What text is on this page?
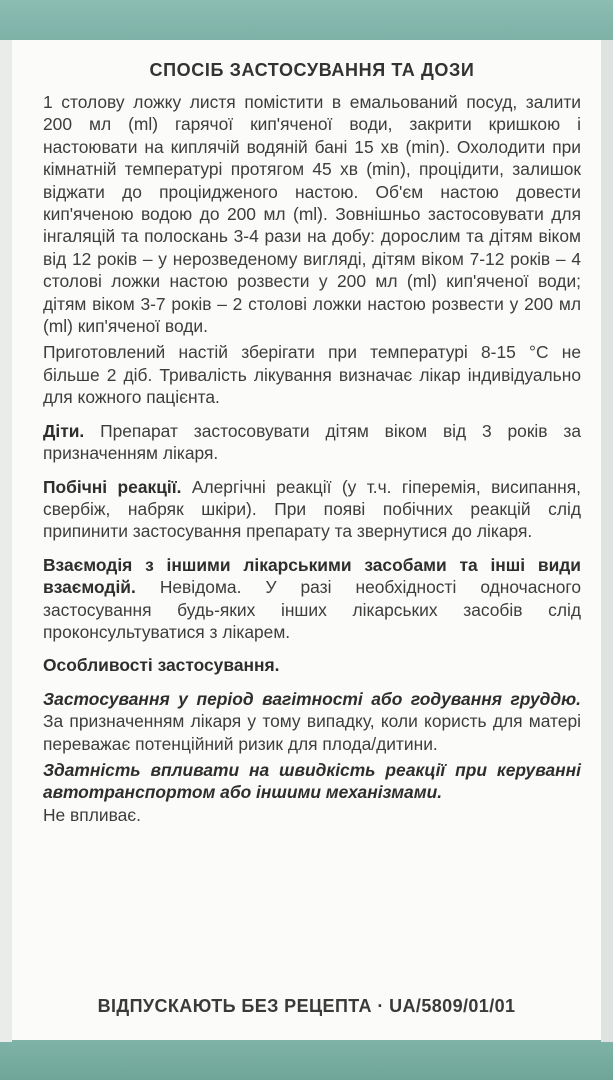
СПОСІБ ЗАСТОСУВАННЯ ТА ДОЗИ

1 столову ложку листя помістити в емальований посуд, залити 200 мл (ml) гарячої кип'яченої води, закрити кришкою і настоювати на киплячій водяній бані 15 хв (min). Охолодити при кімнатній температурі протягом 45 хв (min), процідити, залишок віджати до проціидженого настою. Об'єм настою довести кип'яченою водою до 200 мл (ml). Зовнішньо застосовувати для інгаляцій та полоскань 3-4 рази на добу: дорослим та дітям віком від 12 років – у нерозведеному вигляді, дітям віком 7-12 років – 4 столові ложки настою розвести у 200 мл (ml) кип'яченої води; дітям віком 3-7 років – 2 столові ложки настою розвести у 200 мл (ml) кип'яченої води.

Приготовлений настій зберігати при температурі 8-15 °С не більше 2 діб. Тривалість лікування визначає лікар індивідуально для кожного пацієнта.

Діти. Препарат застосовувати дітям віком від 3 років за призначенням лікаря.

Побічні реакції. Алергічні реакції (у т.ч. гіперемія, висипання, свербіж, набряк шкіри). При появі побічних реакцій слід припинити застосування препарату та звернутися до лікаря.

Взаємодія з іншими лікарськими засобами та інші види взаємодій. Невідома. У разі необхідності одночасного застосування будь-яких інших лікарських засобів слід проконсультуватися з лікарем.

Особливості застосування.

Застосування у період вагітності або годування груддю. За призначенням лікаря у тому випадку, коли користь для матері переважає потенційний ризик для плода/дитини.

Здатність впливати на швидкість реакції при керуванні автотранспортом або іншими механізмами.

Не впливає.

ВІДПУСКАЮТЬ БЕЗ РЕЦЕПТА · UA/5809/01/01
